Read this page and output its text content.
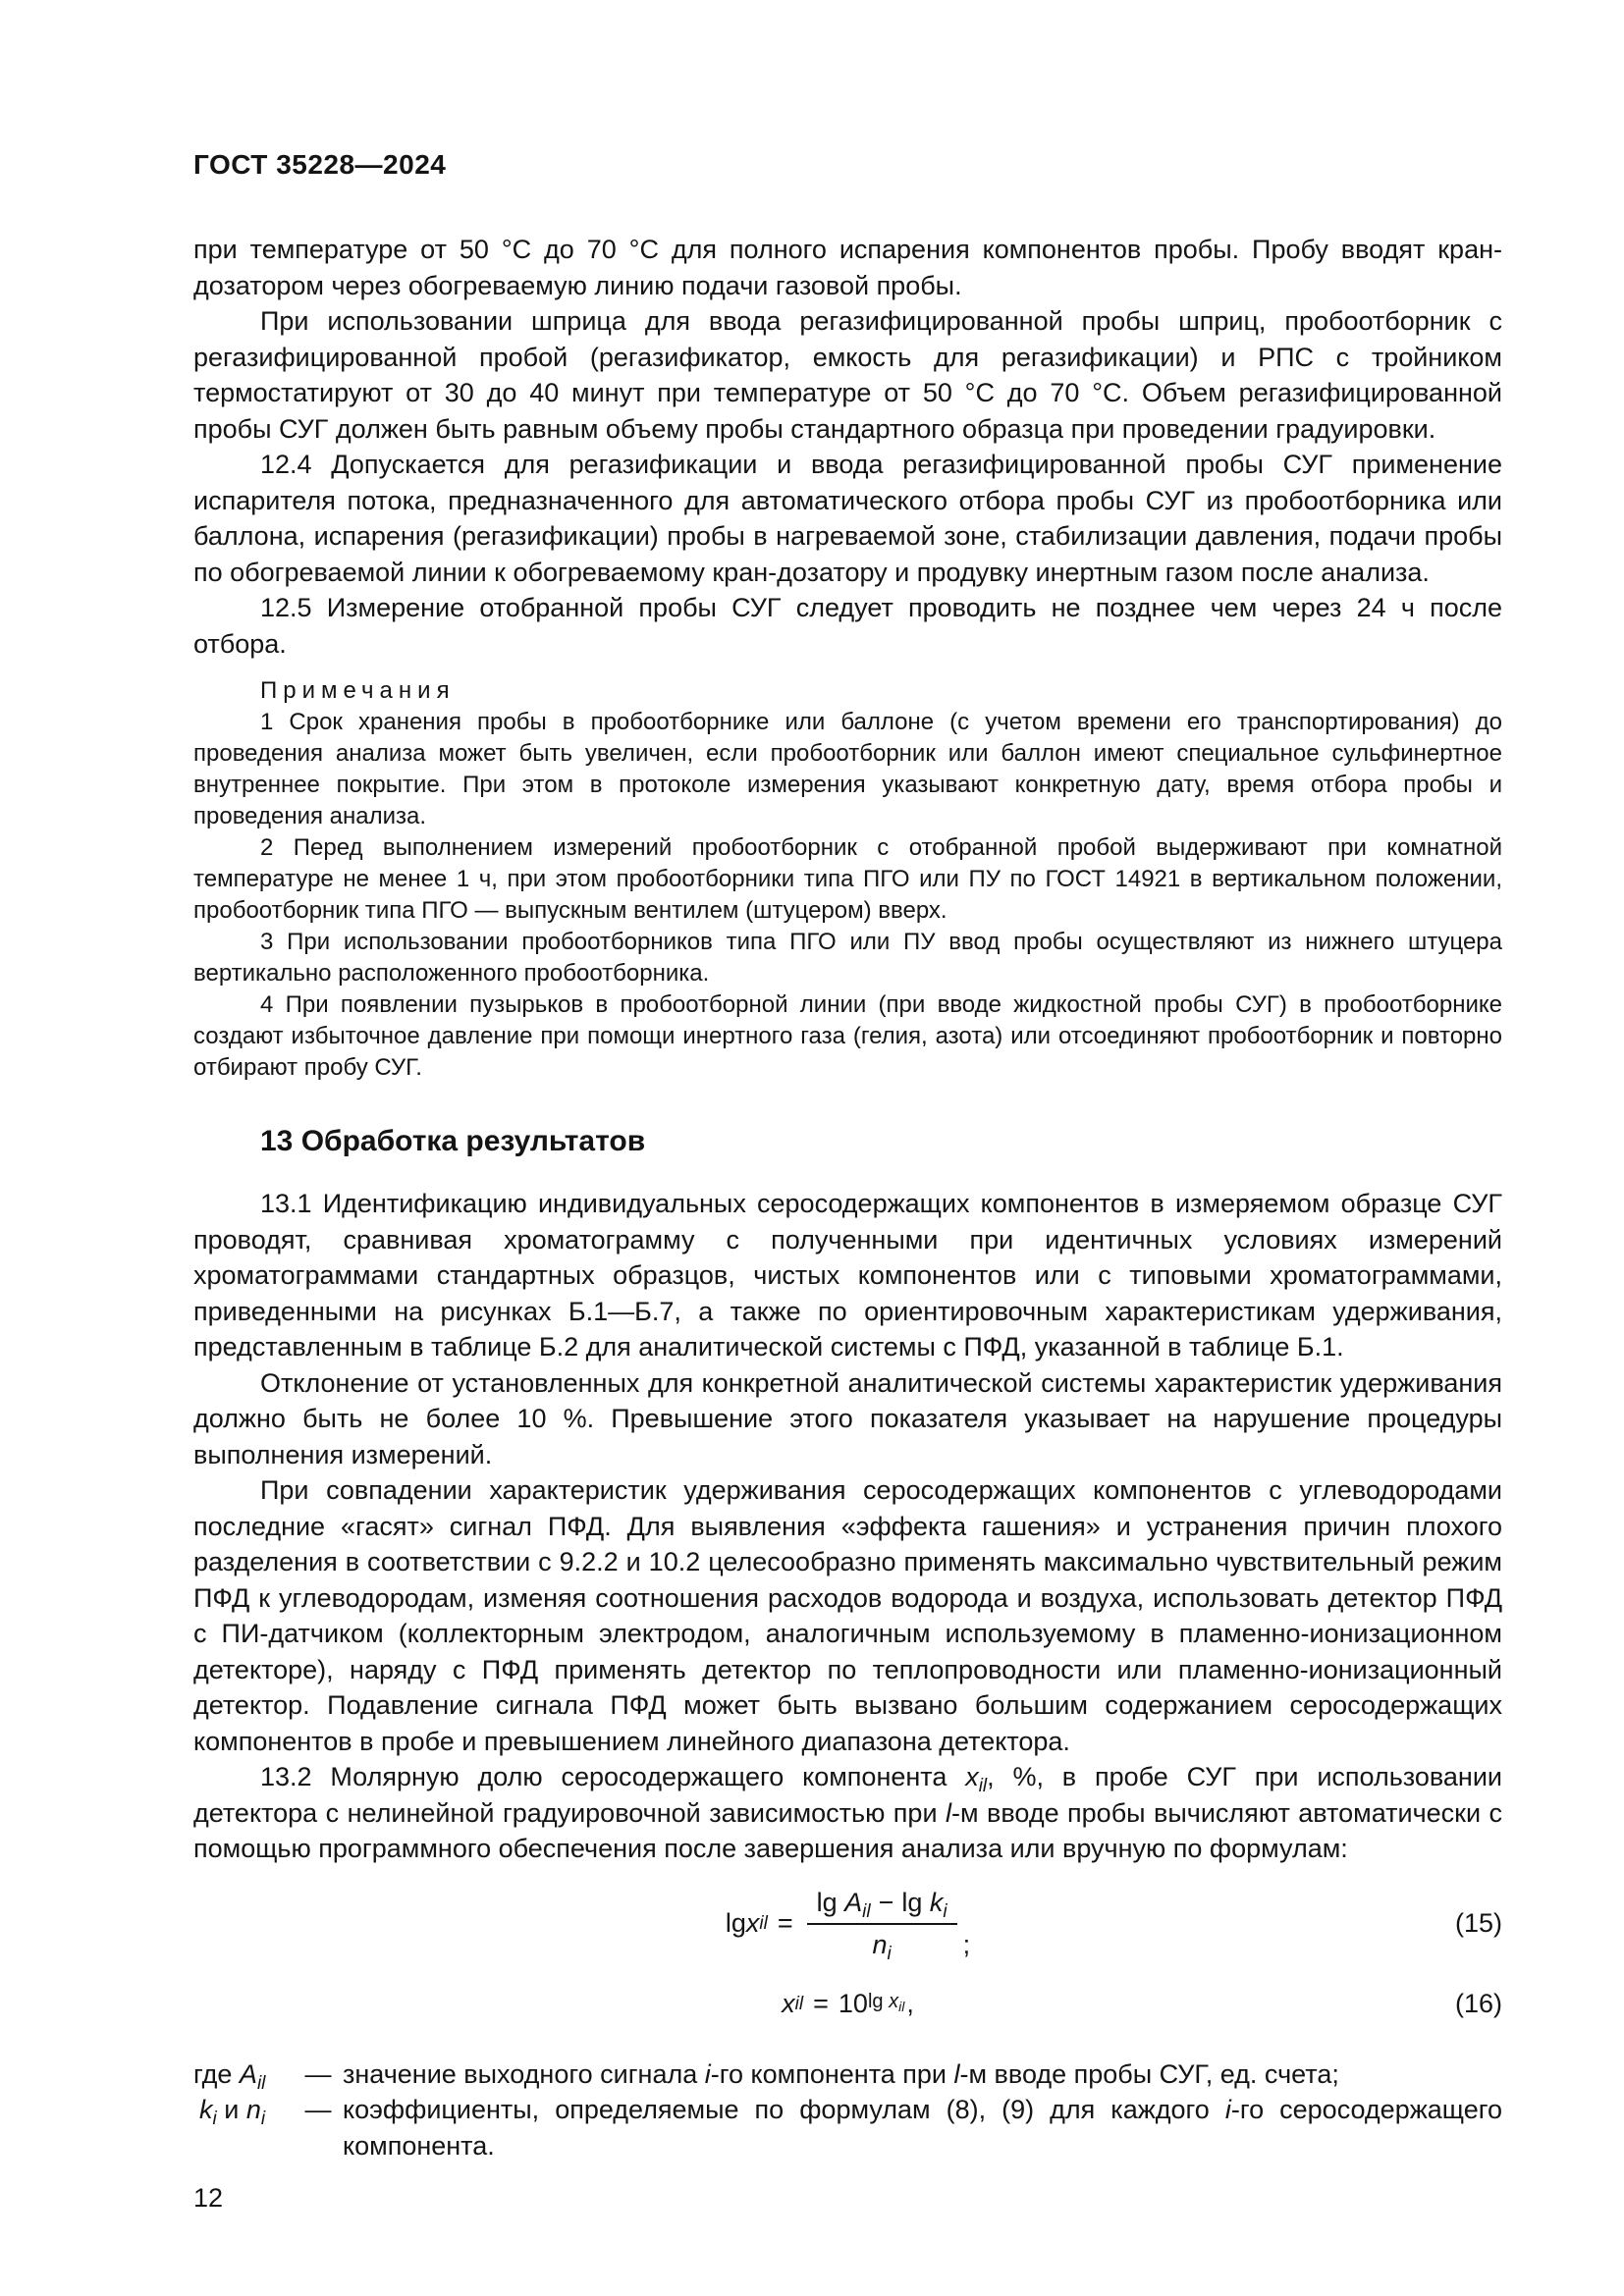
ГОСТ 35228—2024

при температуре от 50 °С до 70 °С для полного испарения компонентов пробы. Пробу вводят кран-дозатором через обогреваемую линию подачи газовой пробы.

При использовании шприца для ввода регазифицированной пробы шприц, пробоотборник с регазифицированной пробой (регазификатор, емкость для регазификации) и РПС с тройником термостатируют от 30 до 40 минут при температуре от 50 °С до 70 °С. Объем регазифицированной пробы СУГ должен быть равным объему пробы стандартного образца при проведении градуировки.

12.4 Допускается для регазификации и ввода регазифицированной пробы СУГ применение испарителя потока, предназначенного для автоматического отбора пробы СУГ из пробоотборника или баллона, испарения (регазификации) пробы в нагреваемой зоне, стабилизации давления, подачи пробы по обогреваемой линии к обогреваемому кран-дозатору и продувку инертным газом после анализа.

12.5 Измерение отобранной пробы СУГ следует проводить не позднее чем через 24 ч после отбора.

Примечания

1 Срок хранения пробы в пробоотборнике или баллоне (с учетом времени его транспортирования) до проведения анализа может быть увеличен, если пробоотборник или баллон имеют специальное сульфинертное внутреннее покрытие. При этом в протоколе измерения указывают конкретную дату, время отбора пробы и проведения анализа.

2 Перед выполнением измерений пробоотборник с отобранной пробой выдерживают при комнатной температуре не менее 1 ч, при этом пробоотборники типа ПГО или ПУ по ГОСТ 14921 в вертикальном положении, пробоотборник типа ПГО — выпускным вентилем (штуцером) вверх.

3 При использовании пробоотборников типа ПГО или ПУ ввод пробы осуществляют из нижнего штуцера вертикально расположенного пробоотборника.

4 При появлении пузырьков в пробоотборной линии (при вводе жидкостной пробы СУГ) в пробоотборнике создают избыточное давление при помощи инертного газа (гелия, азота) или отсоединяют пробоотборник и повторно отбирают пробу СУГ.

13 Обработка результатов

13.1 Идентификацию индивидуальных серосодержащих компонентов в измеряемом образце СУГ проводят, сравнивая хроматограмму с полученными при идентичных условиях измерений хроматограммами стандартных образцов, чистых компонентов или с типовыми хроматограммами, приведенными на рисунках Б.1—Б.7, а также по ориентировочным характеристикам удерживания, представленным в таблице Б.2 для аналитической системы с ПФД, указанной в таблице Б.1.

Отклонение от установленных для конкретной аналитической системы характеристик удерживания должно быть не более 10 %. Превышение этого показателя указывает на нарушение процедуры выполнения измерений.

При совпадении характеристик удерживания серосодержащих компонентов с углеводородами последние «гасят» сигнал ПФД. Для выявления «эффекта гашения» и устранения причин плохого разделения в соответствии с 9.2.2 и 10.2 целесообразно применять максимально чувствительный режим ПФД к углеводородам, изменяя соотношения расходов водорода и воздуха, использовать детектор ПФД с ПИ-датчиком (коллекторным электродом, аналогичным используемому в пламенно-ионизационном детекторе), наряду с ПФД применять детектор по теплопроводности или пламенно-ионизационный детектор. Подавление сигнала ПФД может быть вызвано большим содержанием серосодержащих компонентов в пробе и превышением линейного диапазона детектора.

13.2 Молярную долю серосодержащего компонента $x_{il}$, %, в пробе СУГ при использовании детектора с нелинейной градуировочной зависимостью при l-м вводе пробы вычисляют автоматически с помощью программного обеспечения после завершения анализа или вручную по формулам:

lg x il = $\frac{\lg A_{il} - \lg k_i}{n_i}$ ;
(15)
x il = 10 $\lg x_{il}$ ,	(16)
где $A_{il}$	— значение выходного сигнала i-го компонента при l-м вводе пробы СУГ, ед. счета;
$k_i$ и $n_i$	— коэффициенты, определяемые по формулам (8), (9) для каждого i-го серосодержащего компонента.
12
